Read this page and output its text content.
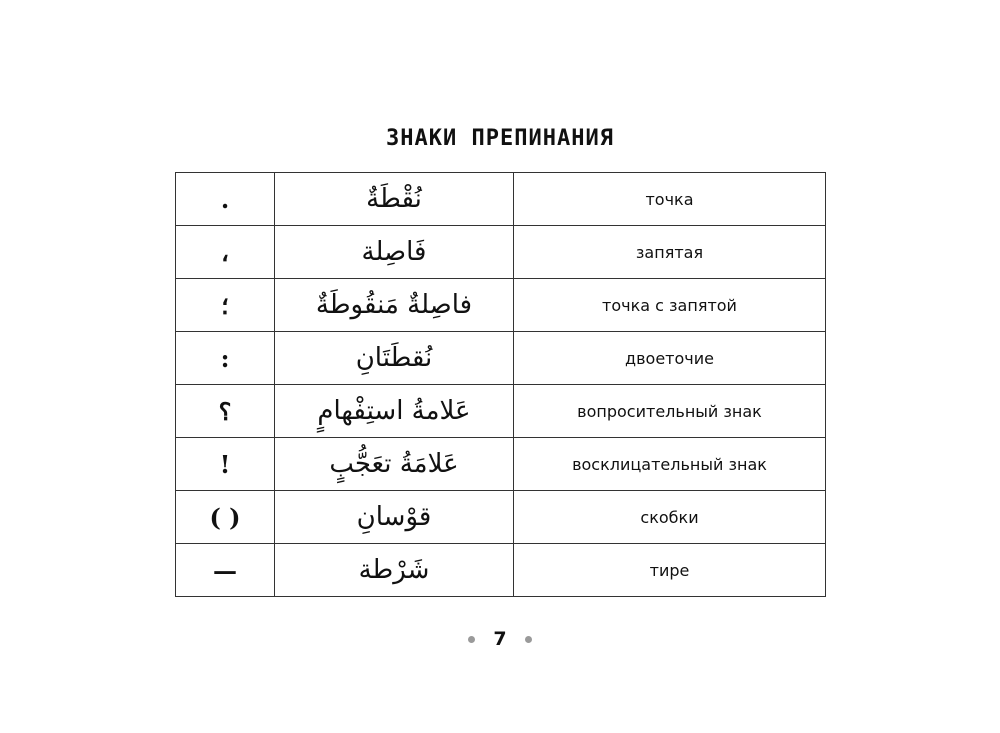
ЗНАКИ ПРЕПИНАНИЯ
.	نُقْطَةٌ	точка
،	فَاصِلة	запятая
؛	فاصِلةٌ مَنقُوطَةٌ	точка с запятой
:	نُقطَتَانِ	двоеточие
؟	عَلامةُ استِفْهامٍ	вопросительный знак
!	عَلامَةُ تعَجُّبٍ	восклицательный знак
( )	قوْسانِ	скобки
—	شَرْطة	тире
7
